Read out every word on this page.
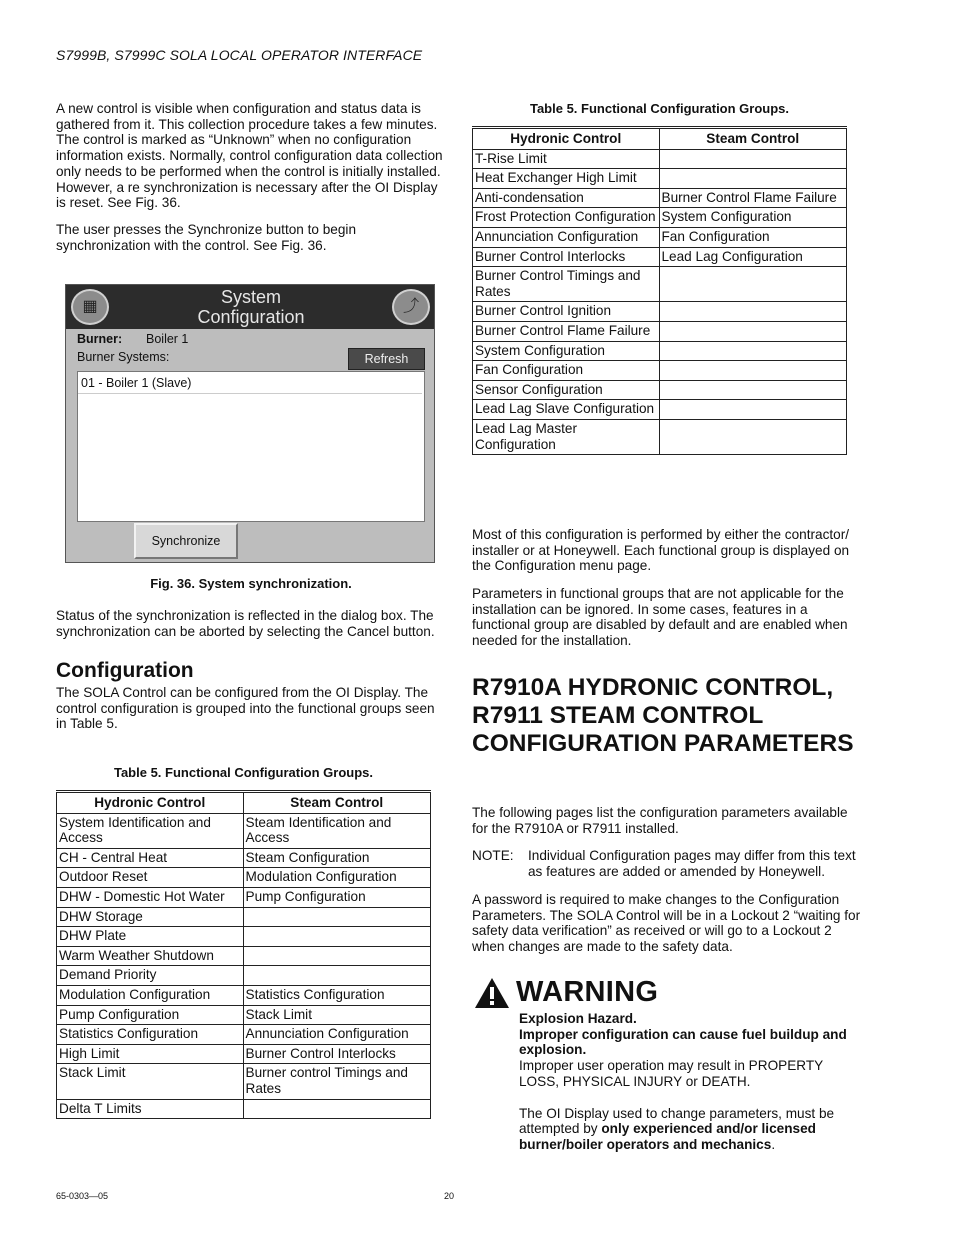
S7999B, S7999C SOLA LOCAL OPERATOR INTERFACE

A new control is visible when configuration and status data is gathered from it. This collection procedure takes a few minutes. The control is marked as “Unknown” when no configuration information exists. Normally, control configuration data collection only needs to be performed when the control is initially installed. However, a re synchronization is necessary after the OI Display is reset. See Fig. 36.

The user presses the Synchronize button to begin synchronization with the control. See Fig. 36.

▦	System
Configuration
⤴
Burner: Boiler 1
Burner Systems:	Refresh
01 - Boiler 1 (Slave)
Synchronize
Fig. 36. System synchronization.

Status of the synchronization is reflected in the dialog box. The synchronization can be aborted by selecting the Cancel button.

Configuration

The SOLA Control can be configured from the OI Display. The control configuration is grouped into the functional groups seen in Table 5.

Table 5. Functional Configuration Groups.
Hydronic Control	Steam Control
System Identification and Access	Steam Identification and Access
CH - Central Heat	Steam Configuration
Outdoor Reset	Modulation Configuration
DHW - Domestic Hot Water	Pump Configuration
DHW Storage	
DHW Plate	
Warm Weather Shutdown	
Demand Priority	
Modulation Configuration	Statistics Configuration
Pump Configuration	Stack Limit
Statistics Configuration	Annunciation Configuration
High Limit	Burner Control Interlocks
Stack Limit	Burner control Timings and Rates
Delta T Limits	
Table 5. Functional Configuration Groups.
Hydronic Control	Steam Control
T-Rise Limit	
Heat Exchanger High Limit	
Anti-condensation	Burner Control Flame Failure
Frost Protection Configuration	System Configuration
Annunciation Configuration	Fan Configuration
Burner Control Interlocks	Lead Lag Configuration
Burner Control Timings and Rates	
Burner Control Ignition	
Burner Control Flame Failure	
System Configuration	
Fan Configuration	
Sensor Configuration	
Lead Lag Slave Configuration	
Lead Lag Master Configuration	

Most of this configuration is performed by either the contractor/ installer or at Honeywell. Each functional group is displayed on the Configuration menu page.

Parameters in functional groups that are not applicable for the installation can be ignored. In some cases, features in a functional group are disabled by default and are enabled when needed for the installation.

R7910A HYDRONIC CONTROL, R7911 STEAM CONTROL CONFIGURATION PARAMETERS

The following pages list the configuration parameters available for the R7910A or R7911 installed.

NOTE: Individual Configuration pages may differ from this text as features are added or amended by Honeywell.

A password is required to make changes to the Configuration Parameters. The SOLA Control will be in a Lockout 2 “waiting for safety data verification” as received or will go to a Lockout 2 when changes are made to the safety data.

WARNING

Explosion Hazard.

Improper configuration can cause fuel buildup and explosion.

Improper user operation may result in PROPERTY LOSS, PHYSICAL INJURY or DEATH.

The OI Display used to change parameters, must be attempted by only experienced and/or licensed burner/boiler operators and mechanics.

65-0303—05	20
